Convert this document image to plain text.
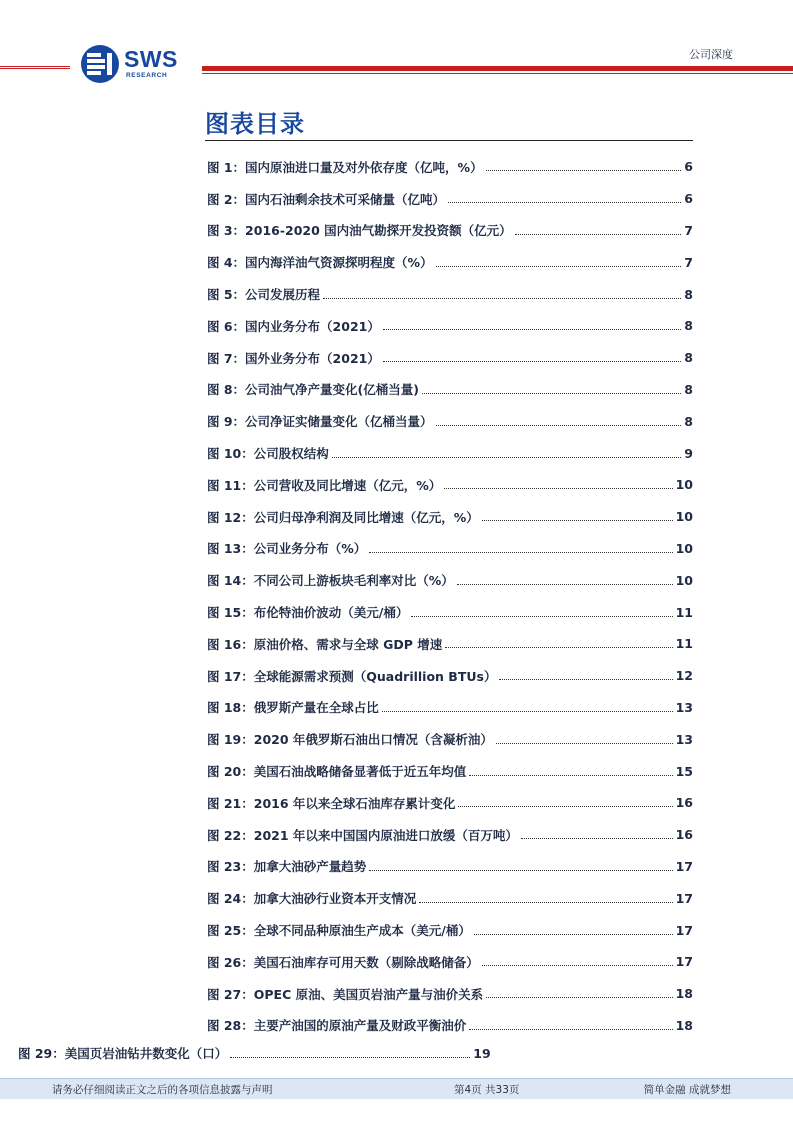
SWS
RESEARCH
公司深度
图表目录
图 1：国内原油进口量及对外依存度（亿吨，%）	6
图 2：国内石油剩余技术可采储量（亿吨）	6
图 3：2016-2020 国内油气勘探开发投资额（亿元）	7
图 4：国内海洋油气资源探明程度（%）	7
图 5：公司发展历程	8
图 6：国内业务分布（2021）	8
图 7：国外业务分布（2021）	8
图 8：公司油气净产量变化(亿桶当量)	8
图 9：公司净证实储量变化（亿桶当量）	8
图 10：公司股权结构	9
图 11：公司营收及同比增速（亿元，%）	10
图 12：公司归母净利润及同比增速（亿元，%）	10
图 13：公司业务分布（%）	10
图 14：不同公司上游板块毛利率对比（%）	10
图 15：布伦特油价波动（美元/桶）	11
图 16：原油价格、需求与全球 GDP 增速	11
图 17：全球能源需求预测（Quadrillion BTUs）	12
图 18：俄罗斯产量在全球占比	13
图 19：2020 年俄罗斯石油出口情况（含凝析油）	13
图 20：美国石油战略储备显著低于近五年均值	15
图 21：2016 年以来全球石油库存累计变化	16
图 22：2021 年以来中国国内原油进口放缓（百万吨）	16
图 23：加拿大油砂产量趋势	17
图 24：加拿大油砂行业资本开支情况	17
图 25：全球不同品种原油生产成本（美元/桶）	17
图 26：美国石油库存可用天数（剔除战略储备）	17
图 27：OPEC 原油、美国页岩油产量与油价关系	18
图 28：主要产油国的原油产量及财政平衡油价	18
图 29：美国页岩油钻井数变化（口）	19
请务必仔细阅读正文之后的各项信息披露与声明	第4页 共33页	简单金融 成就梦想
